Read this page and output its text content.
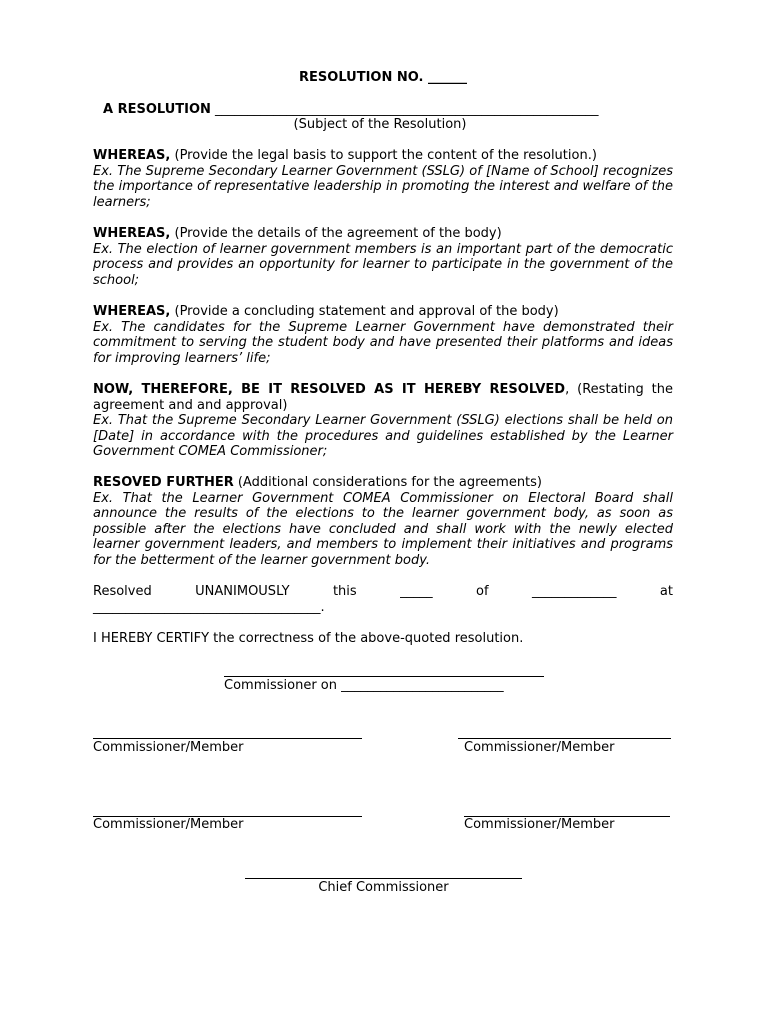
RESOLUTION NO. ______
A RESOLUTION ___________________________________________________________
(Subject of the Resolution)
WHEREAS, (Provide the legal basis to support the content of the resolution.)
Ex. The Supreme Secondary Learner Government (SSLG) of [Name of School] recognizes the importance of representative leadership in promoting the interest and welfare of the learners;
WHEREAS, (Provide the details of the agreement of the body)
Ex. The election of learner government members is an important part of the democratic process and provides an opportunity for learner to participate in the government of the school;
WHEREAS, (Provide a concluding statement and approval of the body)
Ex. The candidates for the Supreme Learner Government have demonstrated their commitment to serving the student body and have presented their platforms and ideas for improving learners’ life;
NOW, THEREFORE, BE IT RESOLVED AS IT HEREBY RESOLVED, (Restating the agreement and and approval)
Ex. That the Supreme Secondary Learner Government (SSLG) elections shall be held on [Date] in accordance with the procedures and guidelines established by the Learner Government COMEA Commissioner;
RESOVED FURTHER (Additional considerations for the agreements)
Ex. That the Learner Government COMEA Commissioner on Electoral Board shall announce the results of the elections to the learner government body, as soon as possible after the elections have concluded and shall work with the newly elected learner government leaders, and members to implement their initiatives and programs for the betterment of the learner government body.
Resolved	UNANIMOUSLY	this	_____	of	_____________	at
___________________________________.
I HEREBY CERTIFY the correctness of the above-quoted resolution.
Commissioner on _________________________
Commissioner/Member	Commissioner/Member
Commissioner/Member	Commissioner/Member
Chief Commissioner
